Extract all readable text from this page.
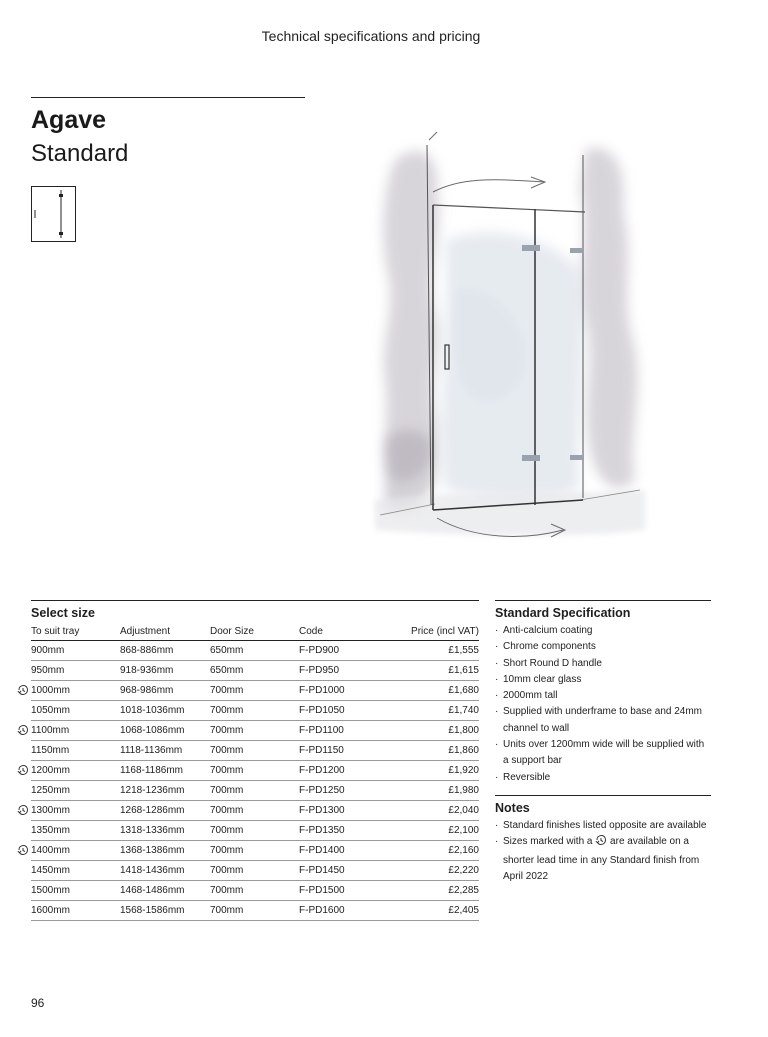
Technical specifications and pricing
Agave
Standard
Select size
To suit tray	Adjustment	Door Size	Code	Price (incl VAT)
900mm	868-886mm	650mm	F-PD900	£1,555
950mm	918-936mm	650mm	F-PD950	£1,615

1000mm	968-986mm	700mm	F-PD1000	£1,680
1050mm	1018-1036mm	700mm	F-PD1050	£1,740

1100mm	1068-1086mm	700mm	F-PD1100	£1,800
1150mm	1118-1136mm	700mm	F-PD1150	£1,860

1200mm	1168-1186mm	700mm	F-PD1200	£1,920
1250mm	1218-1236mm	700mm	F-PD1250	£1,980

1300mm	1268-1286mm	700mm	F-PD1300	£2,040
1350mm	1318-1336mm	700mm	F-PD1350	£2,100

1400mm	1368-1386mm	700mm	F-PD1400	£2,160
1450mm	1418-1436mm	700mm	F-PD1450	£2,220
1500mm	1468-1486mm	700mm	F-PD1500	£2,285
1600mm	1568-1586mm	700mm	F-PD1600	£2,405
Standard Specification
· Anti-calcium coating
· Chrome components
· Short Round D handle
· 10mm clear glass
· 2000mm tall
· Supplied with underframe to base and 24mm channel to wall
· Units over 1200mm wide will be supplied with a support bar
· Reversible
Notes
· Standard finishes listed opposite are available
· Sizes marked with a are available on a shorter lead time in any Standard finish from April 2022
96
